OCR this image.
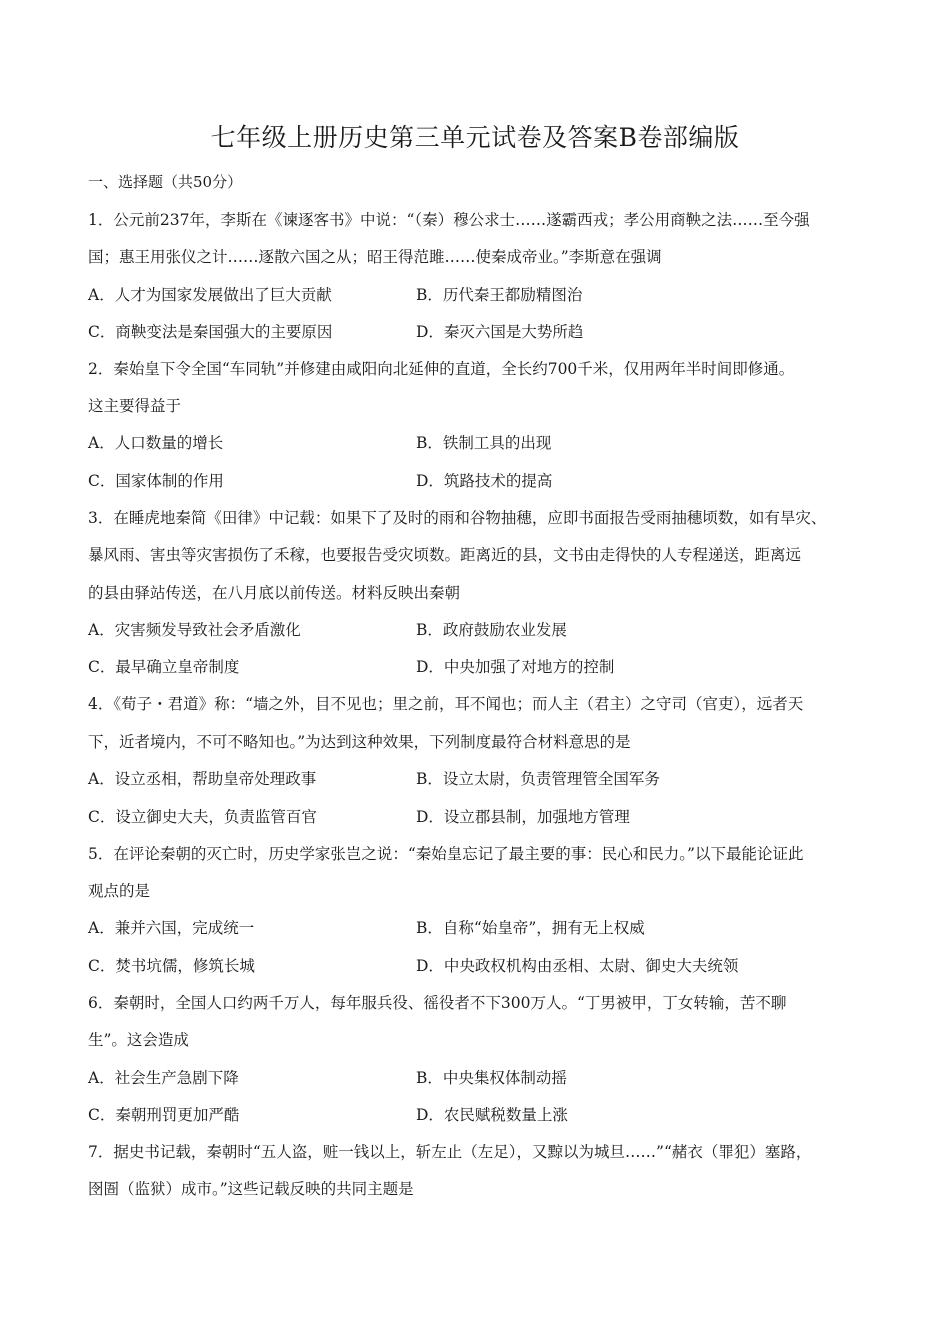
七年级上册历史第三单元试卷及答案B卷部编版
一、选择题（共50分）
1．公元前237年，李斯在《谏逐客书》中说：“（秦）穆公求士……遂霸西戎；孝公用商鞅之法……至今强
国；惠王用张仪之计……逐散六国之从；昭王得范雎……使秦成帝业。”李斯意在强调
A．人才为国家发展做出了巨大贡献	B．历代秦王都励精图治
C．商鞅变法是秦国强大的主要原因	D．秦灭六国是大势所趋
2．秦始皇下令全国“车同轨”并修建由咸阳向北延伸的直道，全长约700千米，仅用两年半时间即修通。
这主要得益于
A．人口数量的增长	B．铁制工具的出现
C．国家体制的作用	D．筑路技术的提高
3．在睡虎地秦简《田律》中记载：如果下了及时的雨和谷物抽穗，应即书面报告受雨抽穗顷数，如有旱灾、
暴风雨、害虫等灾害损伤了禾稼，也要报告受灾顷数。距离近的县，文书由走得快的人专程递送，距离远
的县由驿站传送，在八月底以前传送。材料反映出秦朝
A．灾害频发导致社会矛盾激化	B．政府鼓励农业发展
C．最早确立皇帝制度	D．中央加强了对地方的控制
4．《荀子・君道》称：“墙之外，目不见也；里之前，耳不闻也；而人主（君主）之守司（官吏），远者天
下，近者境内，不可不略知也。”为达到这种效果，下列制度最符合材料意思的是
A．设立丞相，帮助皇帝处理政事	B．设立太尉，负责管理管全国军务
C．设立御史大夫，负责监管百官	D．设立郡县制，加强地方管理
5．在评论秦朝的灭亡时，历史学家张岂之说：“秦始皇忘记了最主要的事：民心和民力。”以下最能论证此
观点的是
A．兼并六国，完成统一	B．自称“始皇帝”，拥有无上权威
C．焚书坑儒，修筑长城	D．中央政权机构由丞相、太尉、御史大夫统领
6．秦朝时，全国人口约两千万人，每年服兵役、徭役者不下300万人。“丁男被甲，丁女转输，苦不聊
生”。这会造成
A．社会生产急剧下降	B．中央集权体制动摇
C．秦朝刑罚更加严酷	D．农民赋税数量上涨
7．据史书记载，秦朝时“五人盗，赃一钱以上，斩左止（左足），又黥以为城旦……”“赭衣（罪犯）塞路，
囹圄（监狱）成市。”这些记载反映的共同主题是
